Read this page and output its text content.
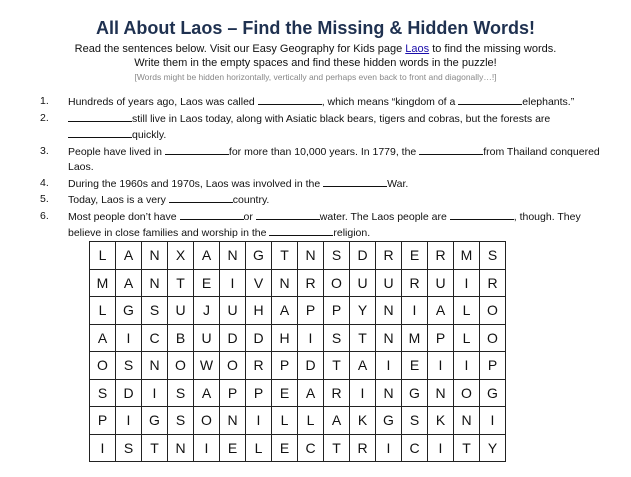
All About Laos – Find the Missing & Hidden Words!
Read the sentences below. Visit our Easy Geography for Kids page Laos to find the missing words.
Write them in the empty spaces and find these hidden words in the puzzle!
[Words might be hidden horizontally, vertically and perhaps even back to front and diagonally…!]
1.	Hundreds of years ago, Laos was called	, which means “kingdom of a	elephants.”
2.	still live in Laos today, along with Asiatic black bears, tigers and cobras, but the forests are quickly.
3.	People have lived in	for more than 10,000 years. In 1779, the	from Thailand conquered Laos.
4.	During the 1960s and 1970s, Laos was involved in the	War.
5.	Today, Laos is a very	country.
6.	Most people don’t have	or	water. The Laos people are	, though. They believe in close families and worship in the	religion.
L	A	N	X	A	N	G	T	N	S	D	R	E	R	M	S
M	A	N	T	E	I	V	N	R	O	U	U	R	U	I	R
L	G	S	U	J	U	H	A	P	P	Y	N	I	A	L	O
A	I	C	B	U	D	D	H	I	S	T	N	M	P	L	O
O	S	N	O	W	O	R	P	D	T	A	I	E	I	I	P
S	D	I	S	A	P	P	E	A	R	I	N	G	N	O	G
P	I	G	S	O	N	I	L	L	A	K	G	S	K	N	I
I	S	T	N	I	E	L	E	C	T	R	I	C	I	T	Y
